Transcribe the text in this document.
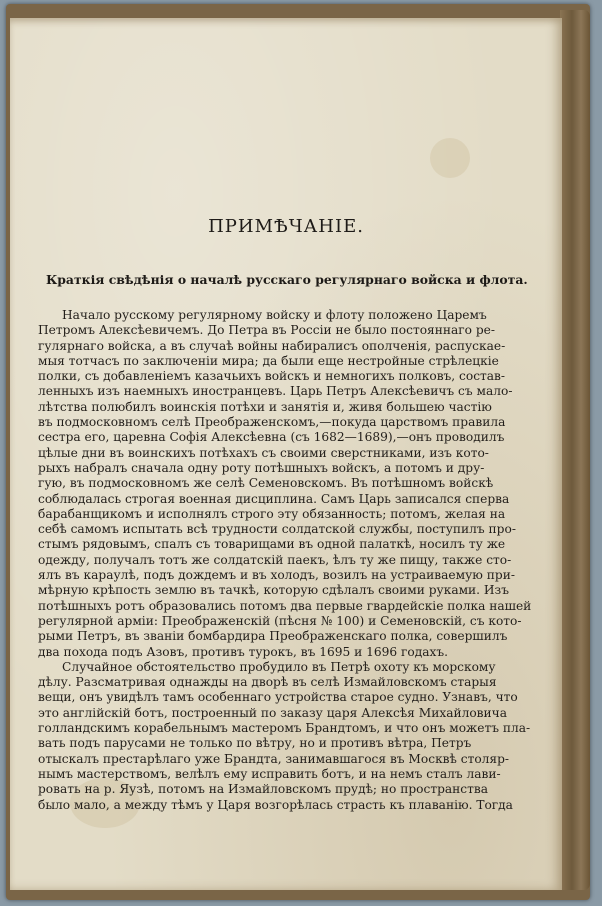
ПРИМѢЧАНІЕ.
Краткія свѣдѣнія о началѣ русскаго регулярнаго войска и флота.
Начало русскому регулярному войску и флоту положено Царемъ
Петромъ Алексѣевичемъ. До Петра въ Россіи не было постояннаго ре-
гулярнаго войска, а въ случаѣ войны набиралисъ ополченія, распускае-
мыя тотчасъ по заключеніи мира; да были еще нестройные стрѣлецкіе
полки, съ добавленіемъ казачьихъ войскъ и немногихъ полковъ, состав-
ленныхъ изъ наемныхъ иностранцевъ. Царь Петръ Алексѣевичъ съ мало-
лѣтства полюбилъ воинскія потѣхи и занятія и, живя большею частію
въ подмосковномъ селѣ Преображенскомъ,—покуда царствомъ правила
сестра его, царевна Софія Алексѣевна (съ 1682—1689),—онъ проводилъ
цѣлые дни въ воинскихъ потѣхахъ съ своими сверстниками, изъ кото-
рыхъ набралъ сначала одну роту потѣшныхъ войскъ, а потомъ и дру-
гую, въ подмосковномъ же селѣ Семеновскомъ. Въ потѣшномъ войскѣ
соблюдалась строгая военная дисциплина. Самъ Царь записался сперва
барабанщикомъ и исполнялъ строго эту обязанность; потомъ, желая на
себѣ самомъ испытать всѣ трудности солдатской службы, поступилъ про-
стымъ рядовымъ, спалъ съ товарищами въ одной палаткѣ, носилъ ту же
одежду, получалъ тотъ же солдатскій паекъ, ѣлъ ту же пищу, также сто-
ялъ въ караулѣ, подъ дождемъ и въ холодъ, возилъ на устраиваемую при-
мѣрную крѣпость землю въ тачкѣ, которую сдѣлалъ своими руками. Изъ
потѣшныхъ ротъ образовались потомъ два первые гвардейскіе полка нашей
регулярной арміи: Преображенскій (пѣсня № 100) и Семеновскій, съ кото-
рыми Петръ, въ званіи бомбардира Преображенскаго полка, совершилъ
два похода подъ Азовъ, противъ турокъ, въ 1695 и 1696 годахъ.
Случайное обстоятельство пробудило въ Петрѣ охоту къ морскому
дѣлу. Разсматривая однажды на дворѣ въ селѣ Измайловскомъ старыя
вещи, онъ увидѣлъ тамъ особеннаго устройства старое судно. Узнавъ, что
это англійскій ботъ, построенный по заказу царя Алексѣя Михайловича
голландскимъ корабельнымъ мастеромъ Брандтомъ, и что онъ можетъ пла-
вать подъ парусами не только по вѣтру, но и противъ вѣтра, Петръ
отыскалъ престарѣлаго уже Брандта, занимавшагося въ Москвѣ столяр-
нымъ мастерствомъ, велѣлъ ему исправить ботъ, и на немъ сталъ лави-
ровать на р. Яузѣ, потомъ на Измайловскомъ прудѣ; но пространства
было мало, а между тѣмъ у Царя возгорѣлась страсть къ плаванію. Тогда
